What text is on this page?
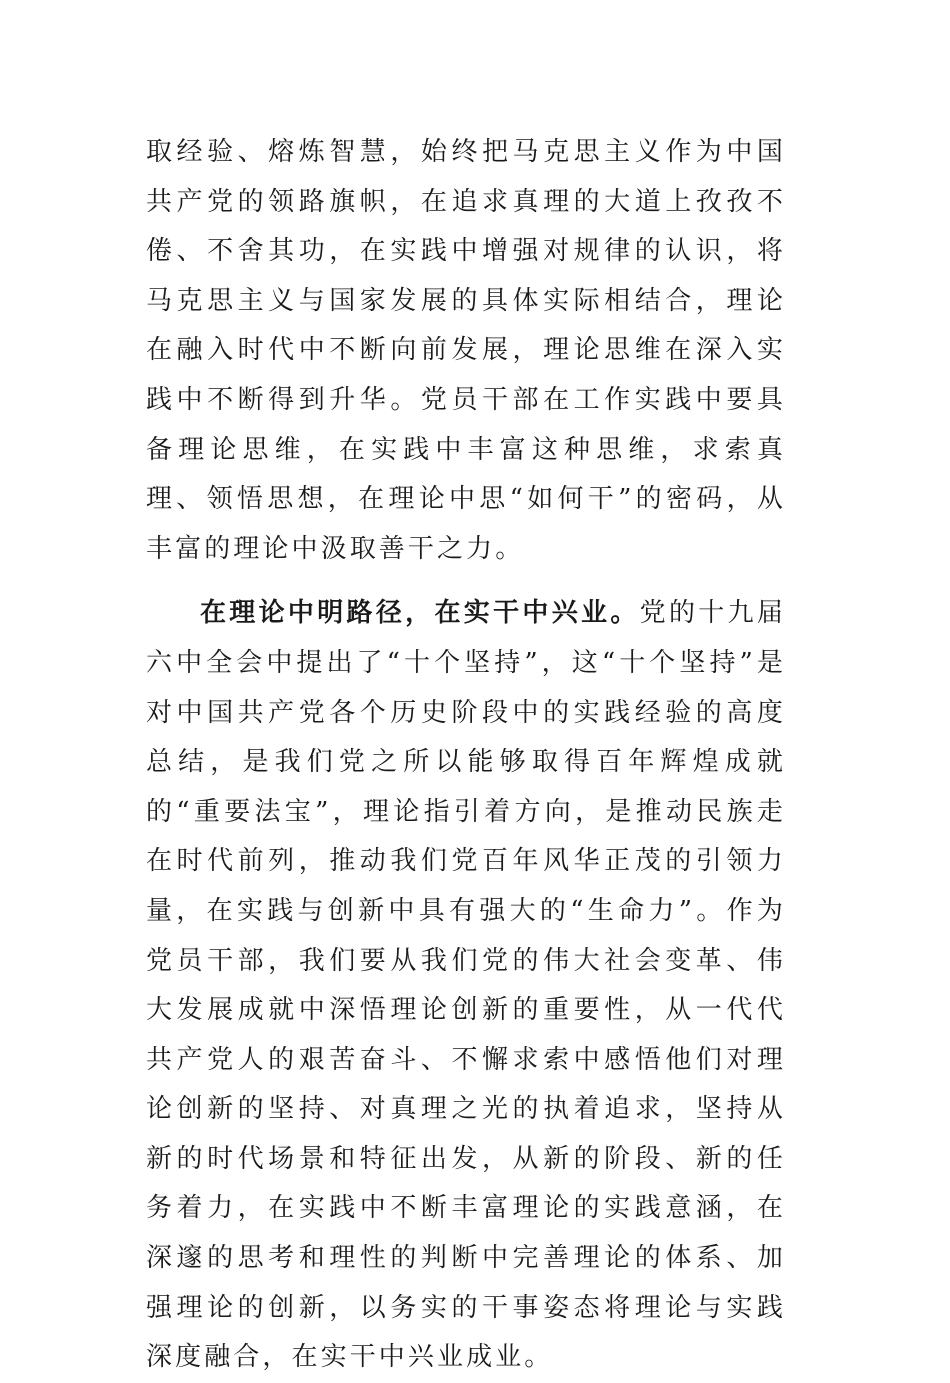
取经验、熔炼智慧，始终把马克思主义作为中国共产党的领路旗帜，在追求真理的大道上孜孜不倦、不舍其功，在实践中增强对规律的认识，将马克思主义与国家发展的具体实际相结合，理论在融入时代中不断向前发展，理论思维在深入实践中不断得到升华。党员干部在工作实践中要具备理论思维，在实践中丰富这种思维，求索真理、领悟思想，在理论中思“如何干”的密码，从丰富的理论中汲取善干之力。

在理论中明路径，在实干中兴业。党的十九届六中全会中提出了“十个坚持”，这“十个坚持”是对中国共产党各个历史阶段中的实践经验的高度总结，是我们党之所以能够取得百年辉煌成就的“重要法宝”，理论指引着方向，是推动民族走在时代前列，推动我们党百年风华正茂的引领力量，在实践与创新中具有强大的“生命力”。作为党员干部，我们要从我们党的伟大社会变革、伟大发展成就中深悟理论创新的重要性，从一代代共产党人的艰苦奋斗、不懈求索中感悟他们对理论创新的坚持、对真理之光的执着追求，坚持从新的时代场景和特征出发，从新的阶段、新的任务着力，在实践中不断丰富理论的实践意涵，在深邃的思考和理性的判断中完善理论的体系、加强理论的创新，以务实的干事姿态将理论与实践深度融合，在实干中兴业成业。
